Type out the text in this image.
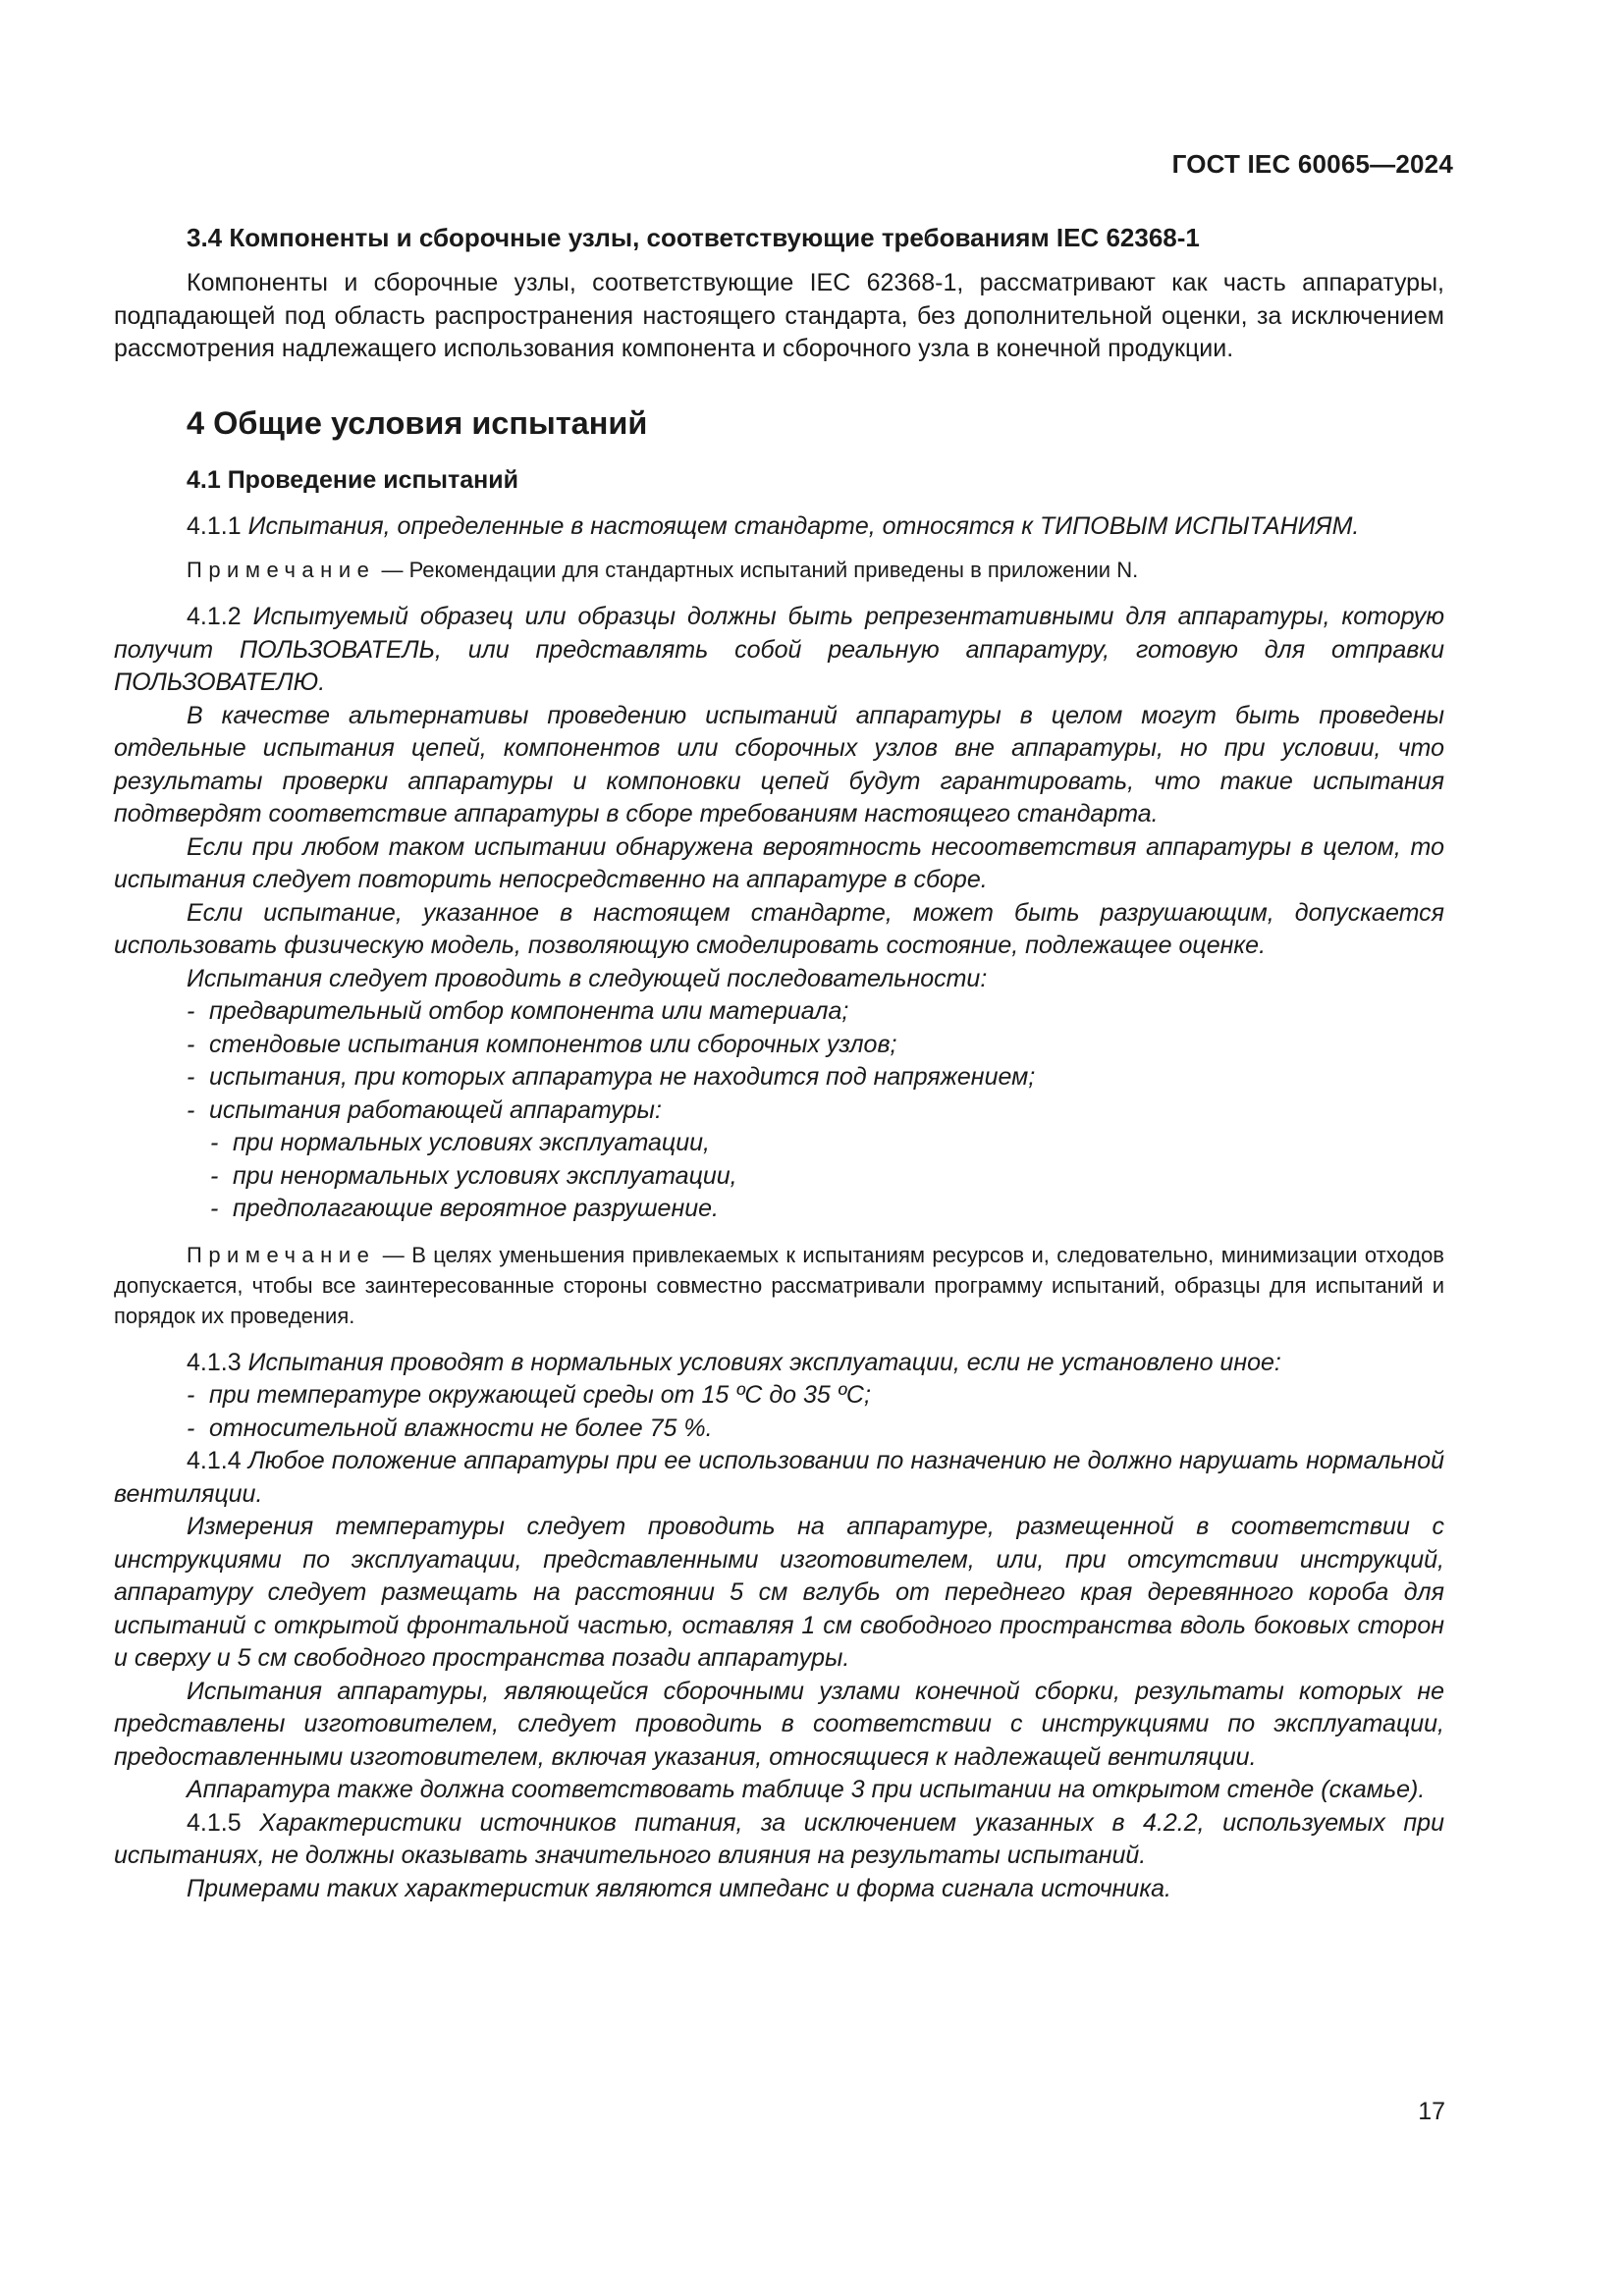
ГОСТ IEC 60065—2024
3.4 Компоненты и сборочные узлы, соответствующие требованиям IEC 62368-1

Компоненты и сборочные узлы, соответствующие IEC 62368-1, рассматривают как часть аппаратуры, подпадающей под область распространения настоящего стандарта, без дополнительной оценки, за исключением рассмотрения надлежащего использования компонента и сборочного узла в конечной продукции.

4 Общие условия испытаний
4.1 Проведение испытаний

4.1.1 Испытания, определенные в настоящем стандарте, относятся к ТИПОВЫМ ИСПЫТАНИЯМ.

Примечание — Рекомендации для стандартных испытаний приведены в приложении N.

4.1.2 Испытуемый образец или образцы должны быть репрезентативными для аппаратуры, которую получит ПОЛЬЗОВАТЕЛЬ, или представлять собой реальную аппаратуру, готовую для отправки ПОЛЬЗОВАТЕЛЮ.

В качестве альтернативы проведению испытаний аппаратуры в целом могут быть проведены отдельные испытания цепей, компонентов или сборочных узлов вне аппаратуры, но при условии, что результаты проверки аппаратуры и компоновки цепей будут гарантировать, что такие испытания подтвердят соответствие аппаратуры в сборе требованиям настоящего стандарта.

Если при любом таком испытании обнаружена вероятность несоответствия аппаратуры в целом, то испытания следует повторить непосредственно на аппаратуре в сборе.

Если испытание, указанное в настоящем стандарте, может быть разрушающим, допускается использовать физическую модель, позволяющую смоделировать состояние, подлежащее оценке.

Испытания следует проводить в следующей последовательности:

- предварительный отбор компонента или материала;
- стендовые испытания компонентов или сборочных узлов;
- испытания, при которых аппаратура не находится под напряжением;
- испытания работающей аппаратуры:
- при нормальных условиях эксплуатации,
- при ненормальных условиях эксплуатации,
- предполагающие вероятное разрушение.

Примечание — В целях уменьшения привлекаемых к испытаниям ресурсов и, следовательно, минимизации отходов допускается, чтобы все заинтересованные стороны совместно рассматривали программу испытаний, образцы для испытаний и порядок их проведения.

4.1.3 Испытания проводят в нормальных условиях эксплуатации, если не установлено иное:

- при температуре окружающей среды от 15 ºС до 35 ºС;
- относительной влажности не более 75 %.

4.1.4 Любое положение аппаратуры при ее использовании по назначению не должно нарушать нормальной вентиляции.

Измерения температуры следует проводить на аппаратуре, размещенной в соответствии с инструкциями по эксплуатации, представленными изготовителем, или, при отсутствии инструкций, аппаратуру следует размещать на расстоянии 5 см вглубь от переднего края деревянного короба для испытаний с открытой фронтальной частью, оставляя 1 см свободного пространства вдоль боковых сторон и сверху и 5 см свободного пространства позади аппаратуры.

Испытания аппаратуры, являющейся сборочными узлами конечной сборки, результаты которых не представлены изготовителем, следует проводить в соответствии с инструкциями по эксплуатации, предоставленными изготовителем, включая указания, относящиеся к надлежащей вентиляции.

Аппаратура также должна соответствовать таблице 3 при испытании на открытом стенде (скамье).

4.1.5 Характеристики источников питания, за исключением указанных в 4.2.2, используемых при испытаниях, не должны оказывать значительного влияния на результаты испытаний.

Примерами таких характеристик являются импеданс и форма сигнала источника.

17
